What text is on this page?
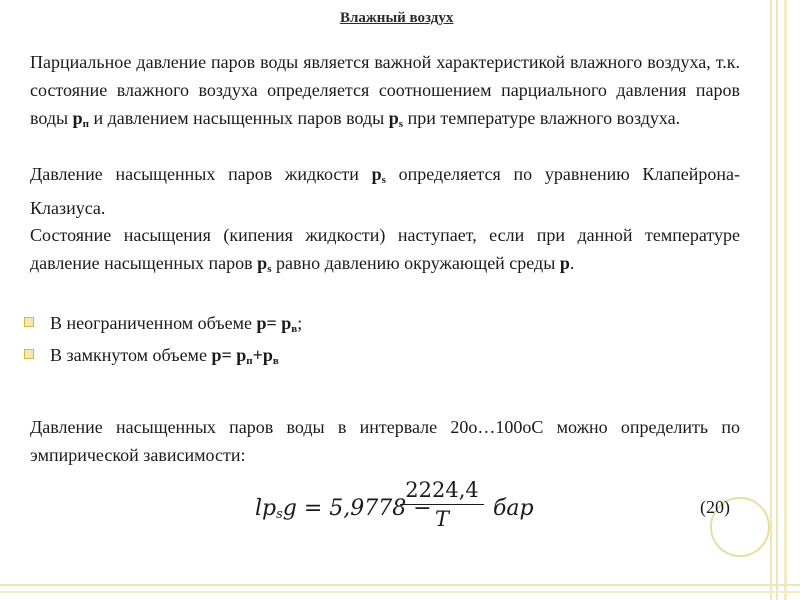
Влажный воздух

Парциальное давление паров воды является важной характеристикой влажного воздуха, т.к. состояние влажного воздуха определяется соотношением парциального давления паров воды $р_п$ и давлением насыщенных паров воды $р_s$ при температуре влажного воздуха.

Давление насыщенных паров жидкости $р_s$ определяется по уравнению Клапейрона-Клазиуса.

Состояние насыщения (кипения жидкости) наступает, если при данной температуре давление насыщенных паров $р_s$ равно давлению окружающей среды р.

В неограниченном объеме $р= р_в$;
В замкнутом объеме $р= р_п+р_в$

Давление насыщенных паров воды в интервале 20о…100оС можно определить по эмпирической зависимости:

$lp_sg = 5,9778$ −
$\frac{2224,4}{T}$ бар	(20)
